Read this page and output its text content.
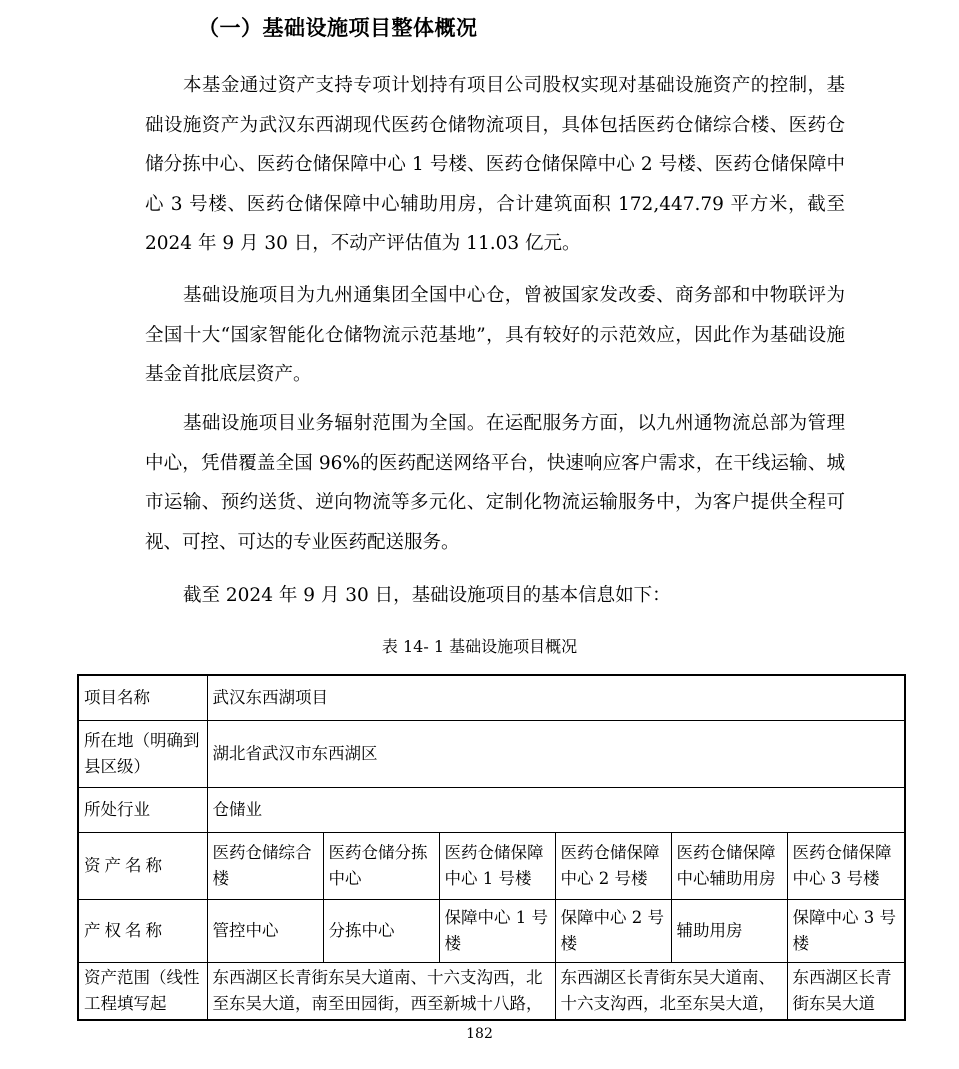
（一）基础设施项目整体概况

本基金通过资产支持专项计划持有项目公司股权实现对基础设施资产的控制，基础设施资产为武汉东西湖现代医药仓储物流项目，具体包括医药仓储综合楼、医药仓储分拣中心、医药仓储保障中心 1 号楼、医药仓储保障中心 2 号楼、医药仓储保障中心 3 号楼、医药仓储保障中心辅助用房，合计建筑面积 172,447.79 平方米，截至 2024 年 9 月 30 日，不动产评估值为 11.03 亿元。

基础设施项目为九州通集团全国中心仓，曾被国家发改委、商务部和中物联评为全国十大“国家智能化仓储物流示范基地”，具有较好的示范效应，因此作为基础设施基金首批底层资产。

基础设施项目业务辐射范围为全国。在运配服务方面，以九州通物流总部为管理中心，凭借覆盖全国 96%的医药配送网络平台，快速响应客户需求，在干线运输、城市运输、预约送货、逆向物流等多元化、定制化物流运输服务中，为客户提供全程可视、可控、可达的专业医药配送服务。

截至 2024 年 9 月 30 日，基础设施项目的基本信息如下：

表 14- 1 基础设施项目概况
项目名称	武汉东西湖项目					
所在地（明确到县区级）	湖北省武汉市东西湖区					
所处行业	仓储业					
资产名称	医药仓储综合楼	医药仓储分拣中心	医药仓储保障中心 1 号楼	医药仓储保障中心 2 号楼	医药仓储保障中心辅助用房	医药仓储保障中心 3 号楼
产权名称	管控中心	分拣中心	保障中心 1 号楼	保障中心 2 号楼	辅助用房	保障中心 3 号楼
资产范围（线性工程填写起	东西湖区长青街东吴大道南、十六支沟西，北至东吴大道，南至田园街，西至新城十八路，			东西湖区长青街东吴大道南、十六支沟西，北至东吴大道，		东西湖区长青街东吴大道
182
